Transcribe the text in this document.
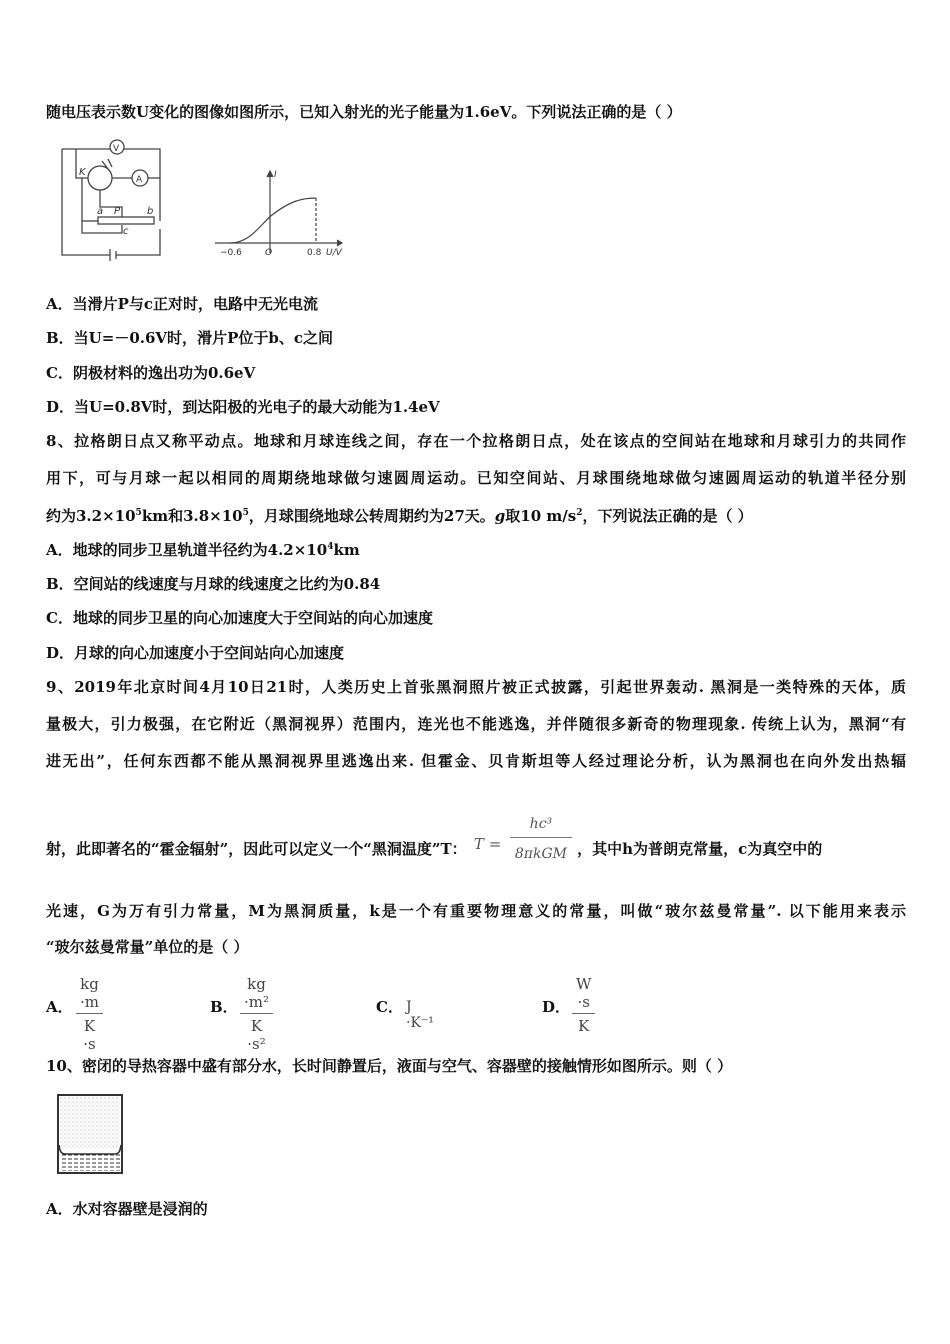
随电压表示数U变化的图像如图所示，已知入射光的光子能量为1.6eV。下列说法正确的是（ ）
V
A
K
a P	b
c
I
−0.6	O	0.8 U/V
A．当滑片P与c正对时，电路中无光电流
B．当U=－0.6V时，滑片P位于b、c之间
C．阴极材料的逸出功为0.6eV
D．当U=0.8V时，到达阳极的光电子的最大动能为1.4eV
8、拉格朗日点又称平动点。地球和月球连线之间，存在一个拉格朗日点，处在该点的空间站在地球和月球引力的共同作
用下，可与月球一起以相同的周期绕地球做匀速圆周运动。已知空间站、月球围绕地球做匀速圆周运动的轨道半径分别
约为$3.2\times 10^5km$和$3.8\times 10^5$，月球围绕地球公转周期约为27天。g取10 $m/s^2$，下列说法正确的是（ ）
A．地球的同步卫星轨道半径约为$4.2\times 10^4km$
B．空间站的线速度与月球的线速度之比约为0.84
C．地球的同步卫星的向心加速度大于空间站的向心加速度
D．月球的向心加速度小于空间站向心加速度
9、2019年北京时间4月10日21时，人类历史上首张黑洞照片被正式披露，引起世界轰动. 黑洞是一类特殊的天体，质
量极大，引力极强，在它附近（黑洞视界）范围内，连光也不能逃逸，并伴随很多新奇的物理现象. 传统上认为，黑洞“有
进无出”，任何东西都不能从黑洞视界里逃逸出来. 但霍金、贝肯斯坦等人经过理论分析，认为黑洞也在向外发出热辐
射，此即著名的“霍金辐射”，因此可以定义一个“黑洞温度”T： T =
hc³
8πkGM ，其中h为普朗克常量，c为真空中的
光速，G为万有引力常量，M为黑洞质量，k是一个有重要物理意义的常量，叫做“玻尔兹曼常量”. 以下能用来表示
“玻尔兹曼常量”单位的是（ ）
A． $\frac{kg \cdot m}{K \cdot s}$	B． $\frac{\text{kg ·m²}}{\text{K ·s²}}$	C． J ·K⁻¹
D． $\frac{W \cdot s}{K}$
10、密闭的导热容器中盛有部分水，长时间静置后，液面与空气、容器壁的接触情形如图所示。则（ ）
A．水对容器壁是浸润的
